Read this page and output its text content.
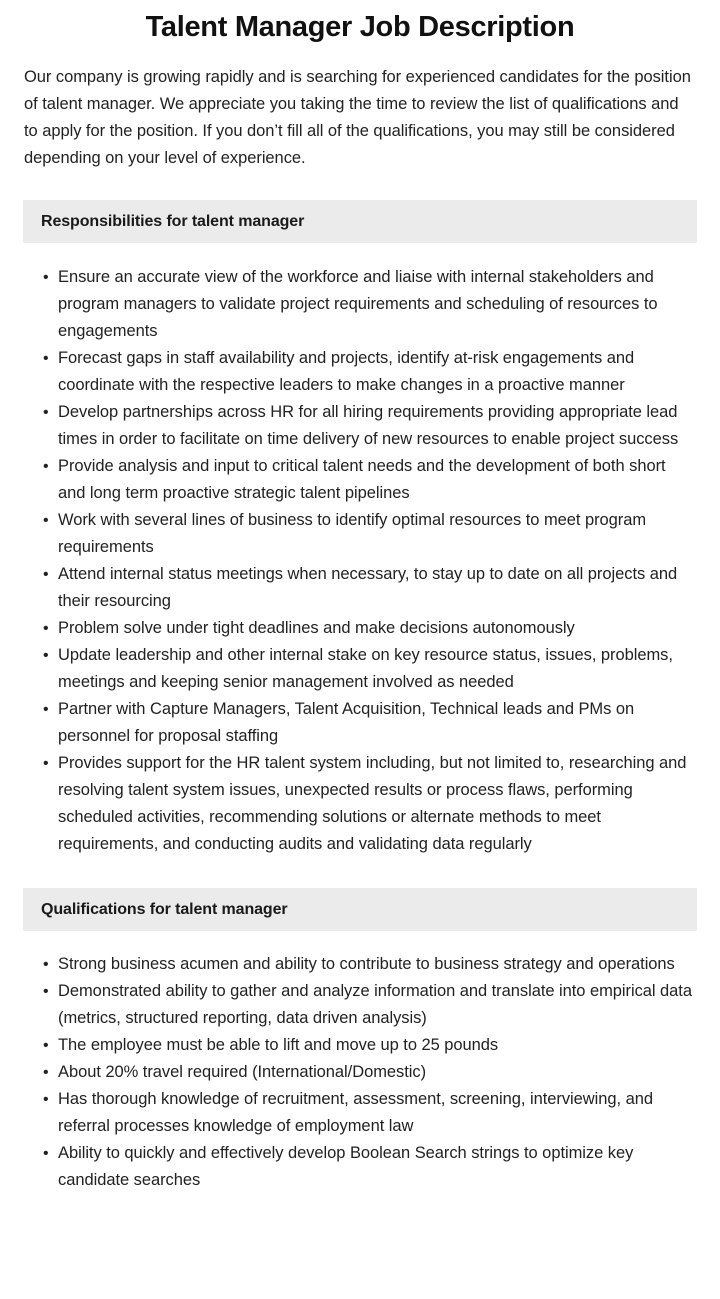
Talent Manager Job Description

Our company is growing rapidly and is searching for experienced candidates for the position of talent manager. We appreciate you taking the time to review the list of qualifications and to apply for the position. If you don’t fill all of the qualifications, you may still be considered depending on your level of experience.

Responsibilities for talent manager
• Ensure an accurate view of the workforce and liaise with internal stakeholders and program managers to validate project requirements and scheduling of resources to engagements
• Forecast gaps in staff availability and projects, identify at-risk engagements and coordinate with the respective leaders to make changes in a proactive manner
• Develop partnerships across HR for all hiring requirements providing appropriate lead times in order to facilitate on time delivery of new resources to enable project success
• Provide analysis and input to critical talent needs and the development of both short and long term proactive strategic talent pipelines
• Work with several lines of business to identify optimal resources to meet program requirements
• Attend internal status meetings when necessary, to stay up to date on all projects and their resourcing
• Problem solve under tight deadlines and make decisions autonomously
• Update leadership and other internal stake on key resource status, issues, problems, meetings and keeping senior management involved as needed
• Partner with Capture Managers, Talent Acquisition, Technical leads and PMs on personnel for proposal staffing
• Provides support for the HR talent system including, but not limited to, researching and resolving talent system issues, unexpected results or process flaws, performing scheduled activities, recommending solutions or alternate methods to meet requirements, and conducting audits and validating data regularly
Qualifications for talent manager
• Strong business acumen and ability to contribute to business strategy and operations
• Demonstrated ability to gather and analyze information and translate into empirical data (metrics, structured reporting, data driven analysis)
• The employee must be able to lift and move up to 25 pounds
• About 20% travel required (International/Domestic)
• Has thorough knowledge of recruitment, assessment, screening, interviewing, and referral processes knowledge of employment law
• Ability to quickly and effectively develop Boolean Search strings to optimize key candidate searches
